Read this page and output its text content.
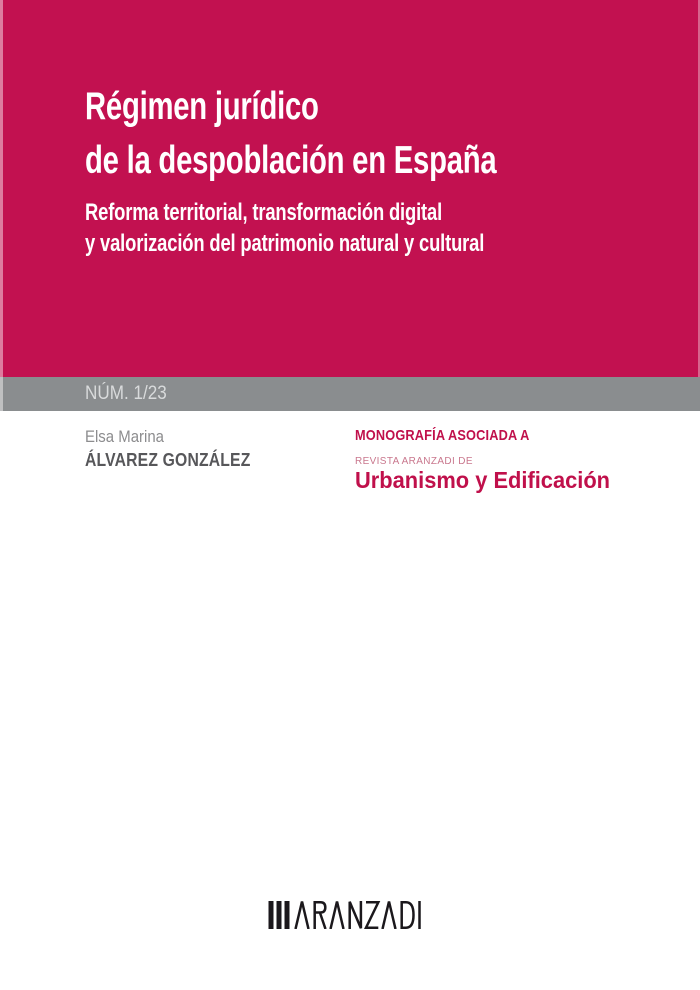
Régimen jurídico
de la despoblación en España
Reforma territorial, transformación digital
y valorización del patrimonio natural y cultural
NÚM. 1/23
Elsa Marina
ÁLVAREZ GONZÁLEZ
MONOGRAFÍA ASOCIADA A
REVISTA ARANZADI DE
Urbanismo y Edificación
